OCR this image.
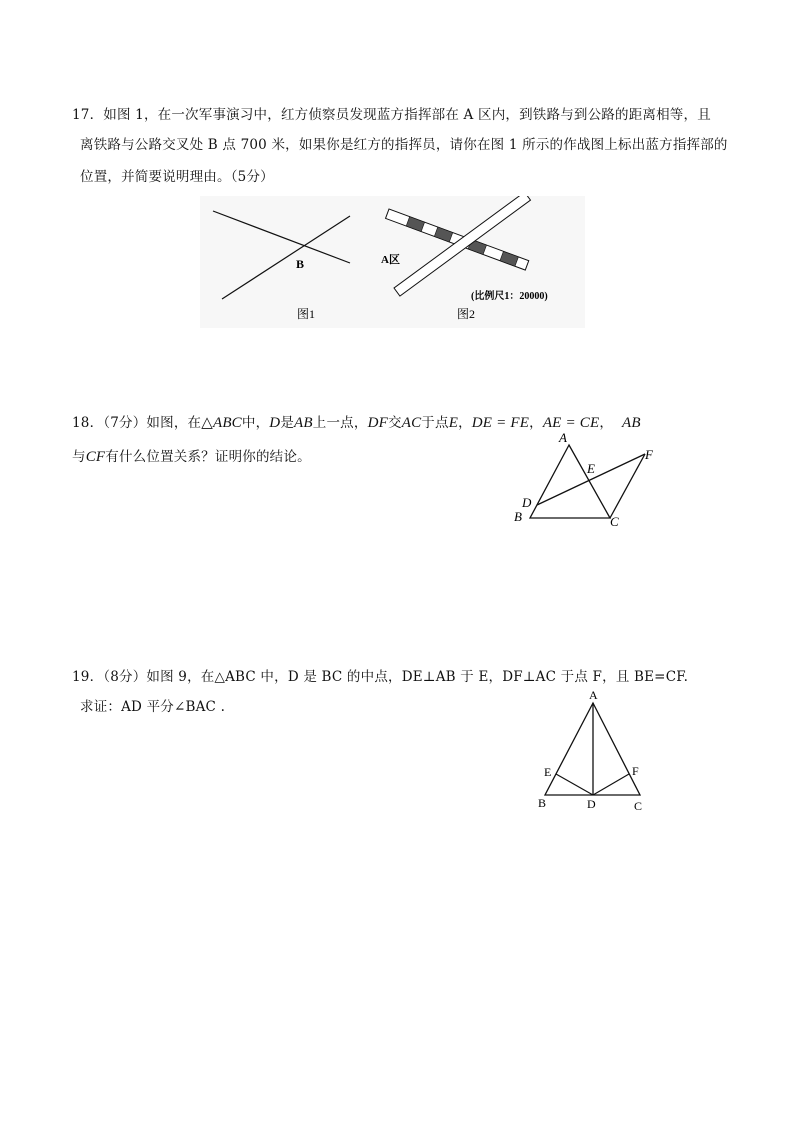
17．如图 1，在一次军事演习中，红方侦察员发现蓝方指挥部在 A 区内，到铁路与到公路的距离相等，且
离铁路与公路交叉处 B 点 700 米，如果你是红方的指挥员，请你在图 1 所示的作战图上标出蓝方指挥部的
位置，并简要说明理由。（5分）
B
图1
A区
(比例尺1：20000)
图2
18．（7分）如图，在△ABC中，D是AB上一点，DF交AC于点E，DE = FE，AE = CE， AB
与CF有什么位置关系？证明你的结论。
A
B	C
D
E
F
19．（8分）如图 9，在△ABC 中，D 是 BC 的中点，DE⊥AB 于 E，DF⊥AC 于点 F，且 BE=CF.
求证：AD 平分∠BAC .
A
B	C
D
E	F
